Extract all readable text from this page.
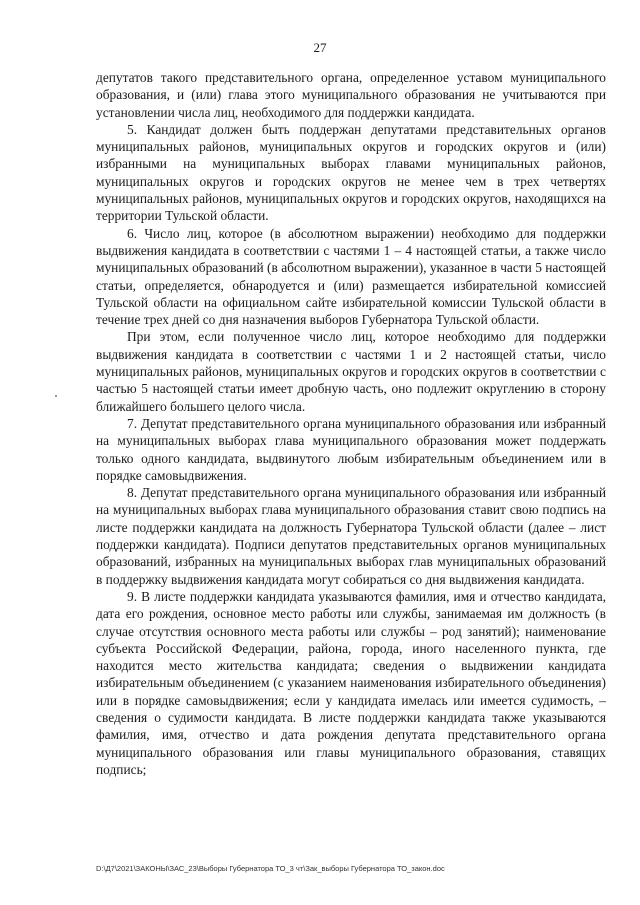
27

депутатов такого представительного органа, определенное уставом муниципального образования, и (или) глава этого муниципального образования не учитываются при установлении числа лиц, необходимого для поддержки кандидата.

5. Кандидат должен быть поддержан депутатами представительных органов муниципальных районов, муниципальных округов и городских округов и (или) избранными на муниципальных выборах главами муниципальных районов, муниципальных округов и городских округов не менее чем в трех четвертях муниципальных районов, муниципальных округов и городских округов, находящихся на территории Тульской области.

6. Число лиц, которое (в абсолютном выражении) необходимо для поддержки выдвижения кандидата в соответствии с частями 1 – 4 настоящей статьи, а также число муниципальных образований (в абсолютном выражении), указанное в части 5 настоящей статьи, определяется, обнародуется и (или) размещается избирательной комиссией Тульской области на официальном сайте избирательной комиссии Тульской области в течение трех дней со дня назначения выборов Губернатора Тульской области.

При этом, если полученное число лиц, которое необходимо для поддержки выдвижения кандидата в соответствии с частями 1 и 2 настоящей статьи, число муниципальных районов, муниципальных округов и городских округов в соответствии с частью 5 настоящей статьи имеет дробную часть, оно подлежит округлению в сторону ближайшего большего целого числа.

7. Депутат представительного органа муниципального образования или избранный на муниципальных выборах глава муниципального образования может поддержать только одного кандидата, выдвинутого любым избирательным объединением или в порядке самовыдвижения.

8. Депутат представительного органа муниципального образования или избранный на муниципальных выборах глава муниципального образования ставит свою подпись на листе поддержки кандидата на должность Губернатора Тульской области (далее – лист поддержки кандидата). Подписи депутатов представительных органов муниципальных образований, избранных на муниципальных выборах глав муниципальных образований в поддержку выдвижения кандидата могут собираться со дня выдвижения кандидата.

9. В листе поддержки кандидата указываются фамилия, имя и отчество кандидата, дата его рождения, основное место работы или службы, занимаемая им должность (в случае отсутствия основного места работы или службы – род занятий); наименование субъекта Российской Федерации, района, города, иного населенного пункта, где находится место жительства кандидата; сведения о выдвижении кандидата избирательным объединением (с указанием наименования избирательного объединения) или в порядке самовыдвижения; если у кандидата имелась или имеется судимость, – сведения о судимости кандидата. В листе поддержки кандидата также указываются фамилия, имя, отчество и дата рождения депутата представительного органа муниципального образования или главы муниципального образования, ставящих подпись;

D:\Д7\2021\ЗАКОНЫ\ЗАС_23\Выборы Губернатора ТО_3 чт\Зак_выборы Губернатора ТО_закон.doc
